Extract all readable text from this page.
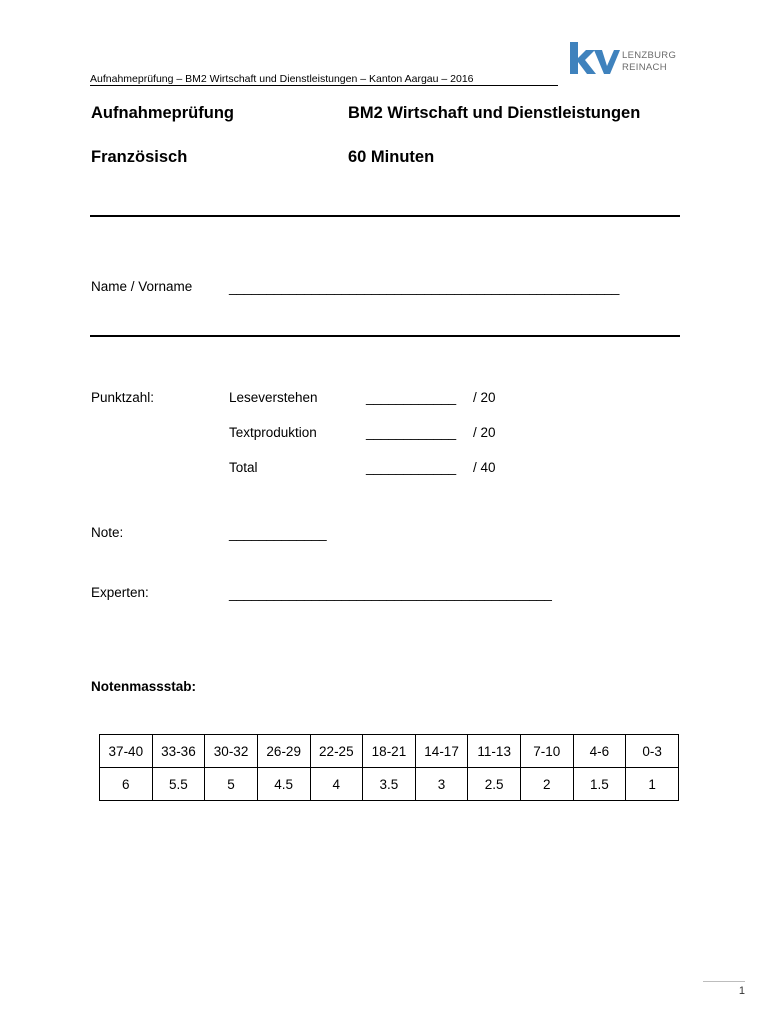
Aufnahmeprüfung – BM2 Wirtschaft und Dienstleistungen – Kanton Aargau – 2016
LENZBURG
REINACH
Aufnahmeprüfung	BM2 Wirtschaft und Dienstleistungen
Französisch	60 Minuten
Name / Vorname	____________________________________________________
Punktzahl:	Leseverstehen	____________ / 20
Textproduktion	____________ / 20
Total	____________ / 40
Note:	_____________
Experten:	___________________________________________
Notenmassstab:
37-40	33-36	30-32	26-29	22-25	18-21	14-17	11-13	7-10	4-6	0-3
6	5.5	5	4.5	4	3.5	3	2.5	2	1.5	1
1
